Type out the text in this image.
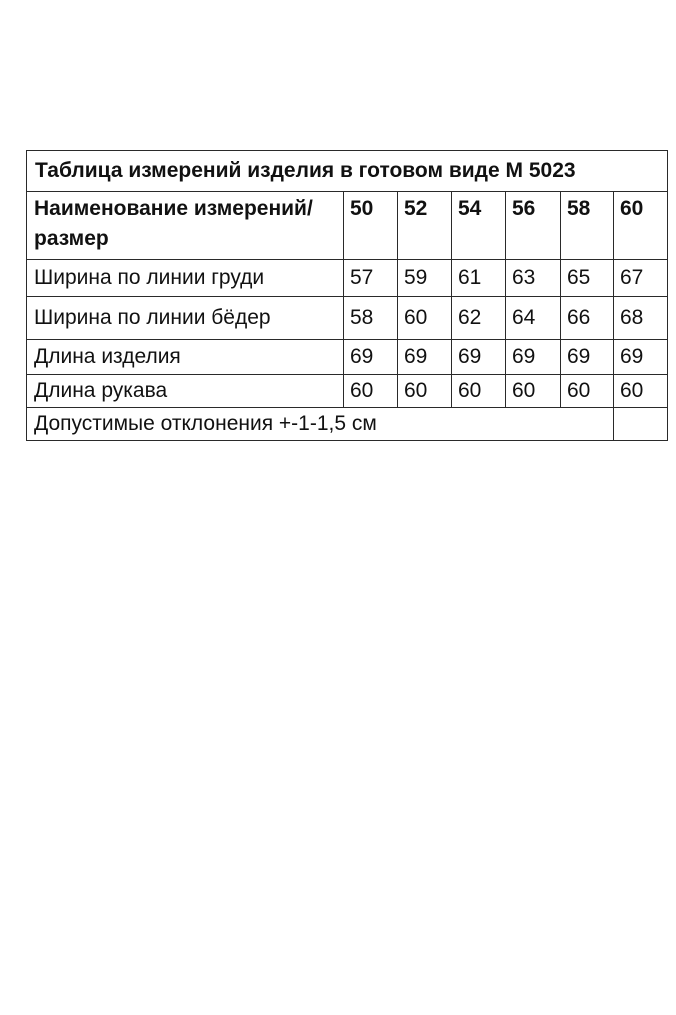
Таблица измерений изделия в готовом виде М 5023						
Наименование измерений/размер	50	52	54	56	58	60
Ширина по линии груди	57	59	61	63	65	67
Ширина по линии бёдер	58	60	62	64	66	68
Длина изделия	69	69	69	69	69	69
Длина рукава	60	60	60	60	60	60
Допустимые отклонения +-1-1,5 см						
